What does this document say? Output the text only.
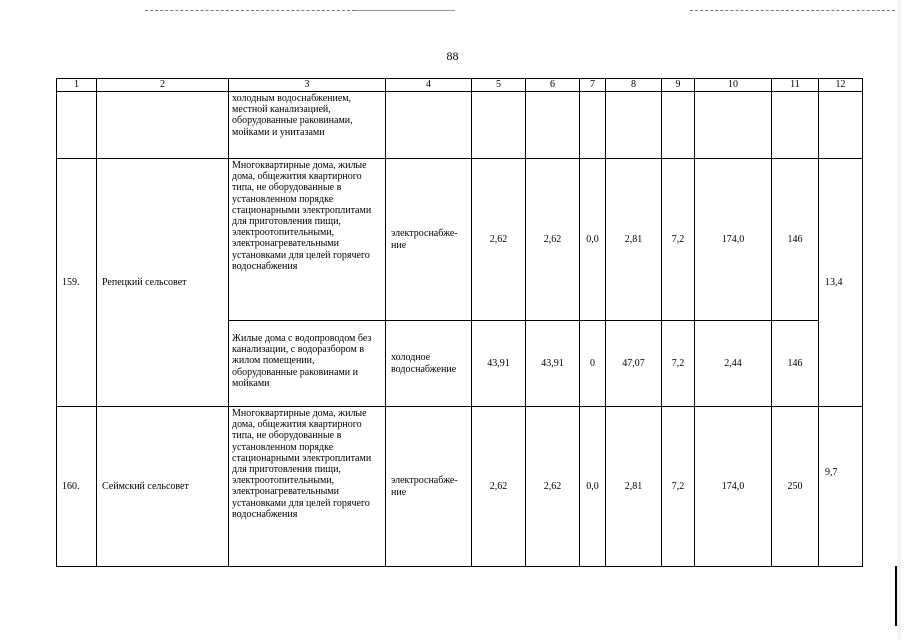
88
1	2	3	4	5	6	7	8	9	10	11	12
		холодным водоснабжением, местной канализацией, оборудованные раковинами, мойками и унитазами									
159.	Репецкий сельсовет	Многоквартирные дома, жилые дома, общежития квартирного типа, не оборудованные в установленном порядке стационарными электроплитами для приготовления пищи, электроотопительными, электронагревательными установками для целей горячего водоснабжения	электроснабжение	2,62	2,62	0,0	2,81	7,2	174,0	146	13,4
		Жилые дома с водопроводом без канализации, с водоразбором в жилом помещении, оборудованные раковинами и мойками	холодное водоснабжение	43,91	43,91	0	47,07	7,2	2,44	146	
160.	Сеймский сельсовет	Многоквартирные дома, жилые дома, общежития квартирного типа, не оборудованные в установленном порядке стационарными электроплитами для приготовления пищи, электроотопительными, электронагревательными установками для целей горячего водоснабжения	электроснабжение	2,62	2,62	0,0	2,81	7,2	174,0	250	9,7
